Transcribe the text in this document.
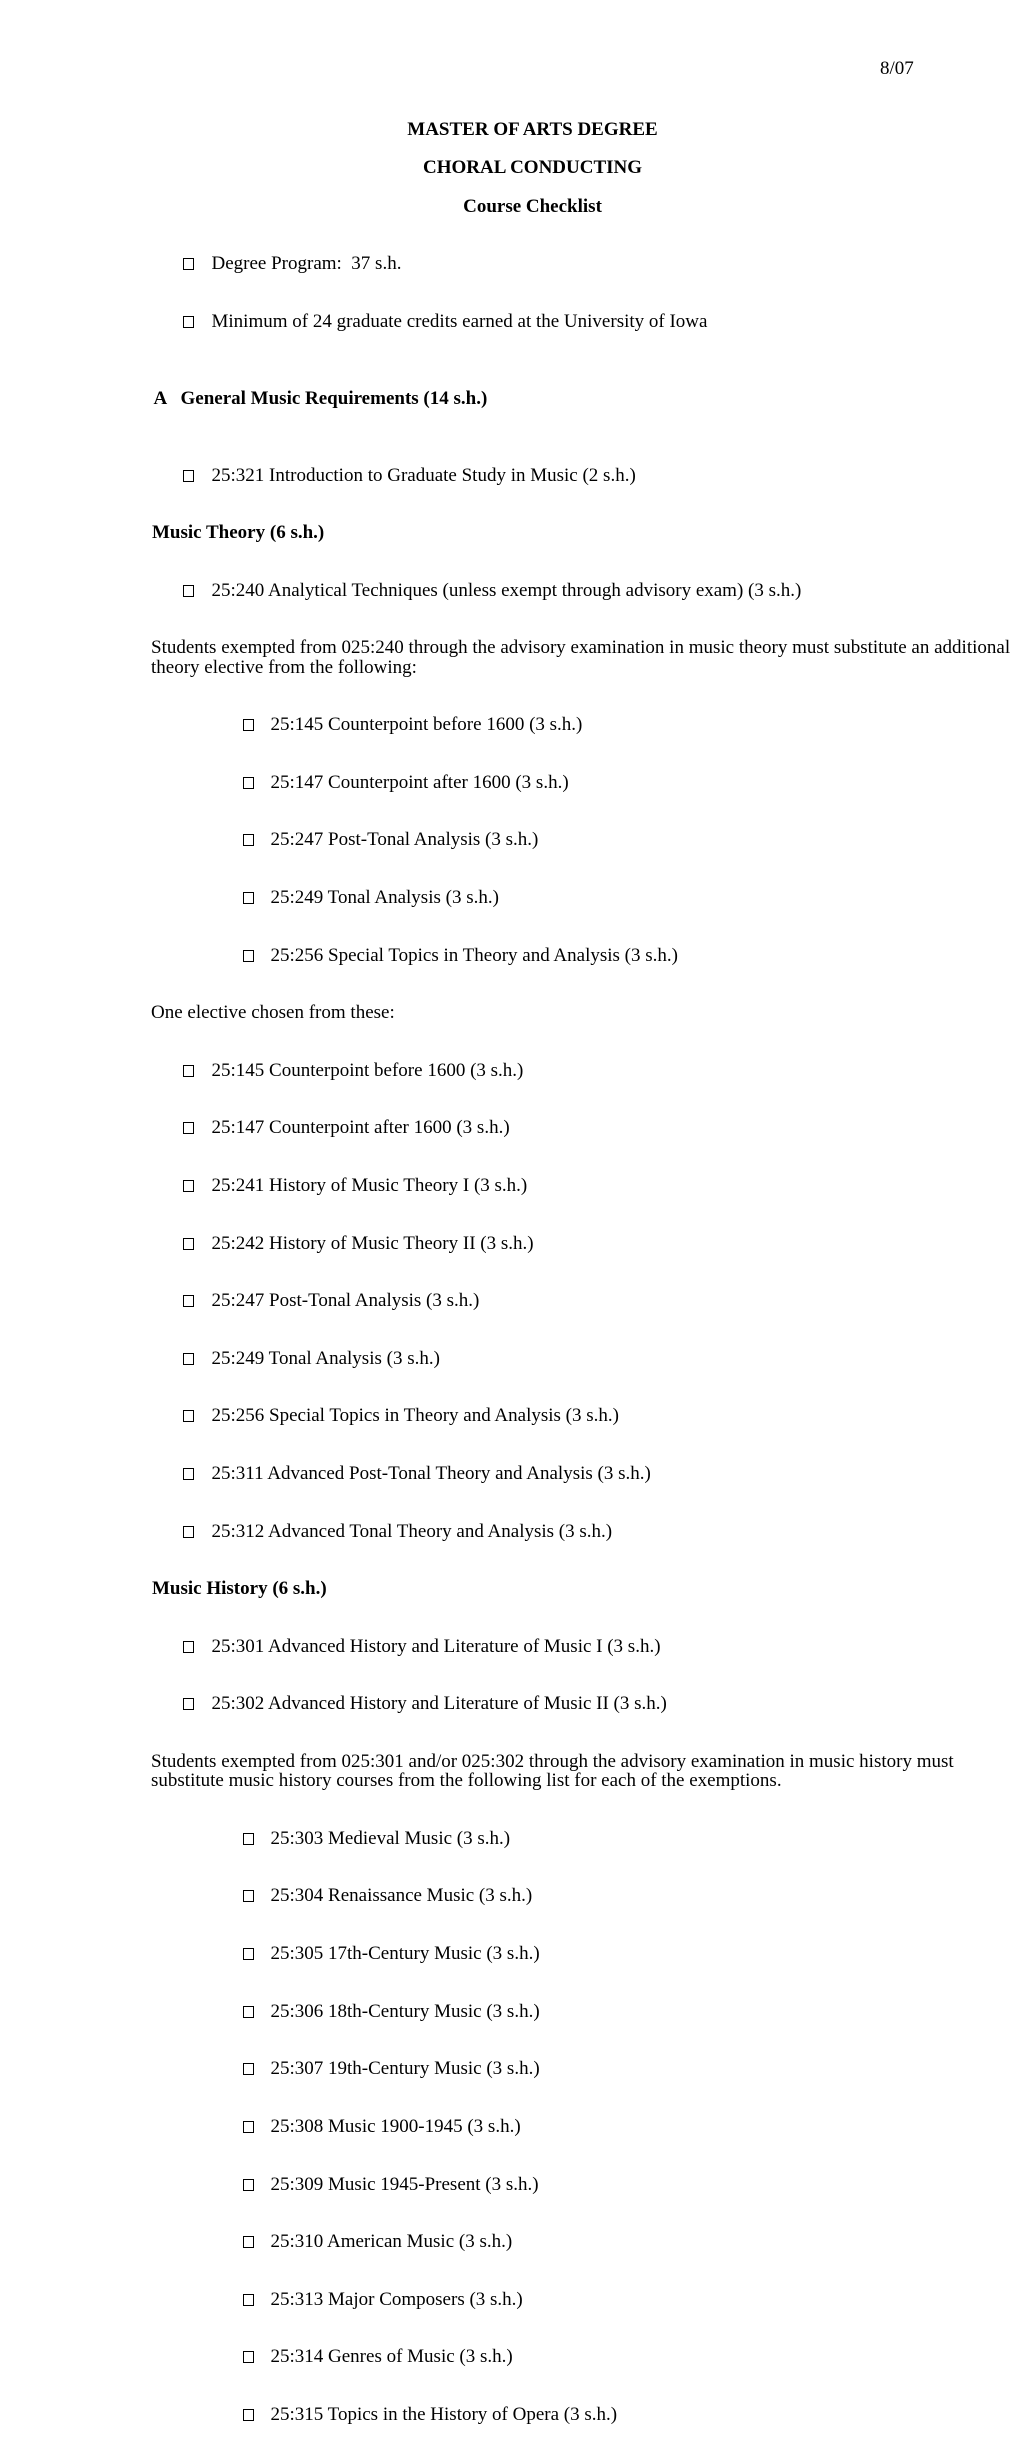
8/07
MASTER OF ARTS DEGREE
CHORAL CONDUCTING
Course Checklist

Degree Program:  37 s.h.

Minimum of 24 graduate credits earned at the University of Iowa

A General Music Requirements (14 s.h.)

25:321 Introduction to Graduate Study in Music (2 s.h.)

Music Theory (6 s.h.)

25:240 Analytical Techniques (unless exempt through advisory exam) (3 s.h.)

Students exempted from 025:240 through the advisory examination in music theory must substitute an additional
theory elective from the following:

25:145 Counterpoint before 1600 (3 s.h.)

25:147 Counterpoint after 1600 (3 s.h.)

25:247 Post-Tonal Analysis (3 s.h.)

25:249 Tonal Analysis (3 s.h.)

25:256 Special Topics in Theory and Analysis (3 s.h.)

One elective chosen from these:

25:145 Counterpoint before 1600 (3 s.h.)

25:147 Counterpoint after 1600 (3 s.h.)

25:241 History of Music Theory I (3 s.h.)

25:242 History of Music Theory II (3 s.h.)

25:247 Post-Tonal Analysis (3 s.h.)

25:249 Tonal Analysis (3 s.h.)

25:256 Special Topics in Theory and Analysis (3 s.h.)

25:311 Advanced Post-Tonal Theory and Analysis (3 s.h.)

25:312 Advanced Tonal Theory and Analysis (3 s.h.)

Music History (6 s.h.)

25:301 Advanced History and Literature of Music I (3 s.h.)

25:302 Advanced History and Literature of Music II (3 s.h.)

Students exempted from 025:301 and/or 025:302 through the advisory examination in music history must
substitute music history courses from the following list for each of the exemptions.

25:303 Medieval Music (3 s.h.)

25:304 Renaissance Music (3 s.h.)

25:305 17th-Century Music (3 s.h.)

25:306 18th-Century Music (3 s.h.)

25:307 19th-Century Music (3 s.h.)

25:308 Music 1900-1945 (3 s.h.)

25:309 Music 1945-Present (3 s.h.)

25:310 American Music (3 s.h.)

25:313 Major Composers (3 s.h.)

25:314 Genres of Music (3 s.h.)

25:315 Topics in the History of Opera (3 s.h.)
